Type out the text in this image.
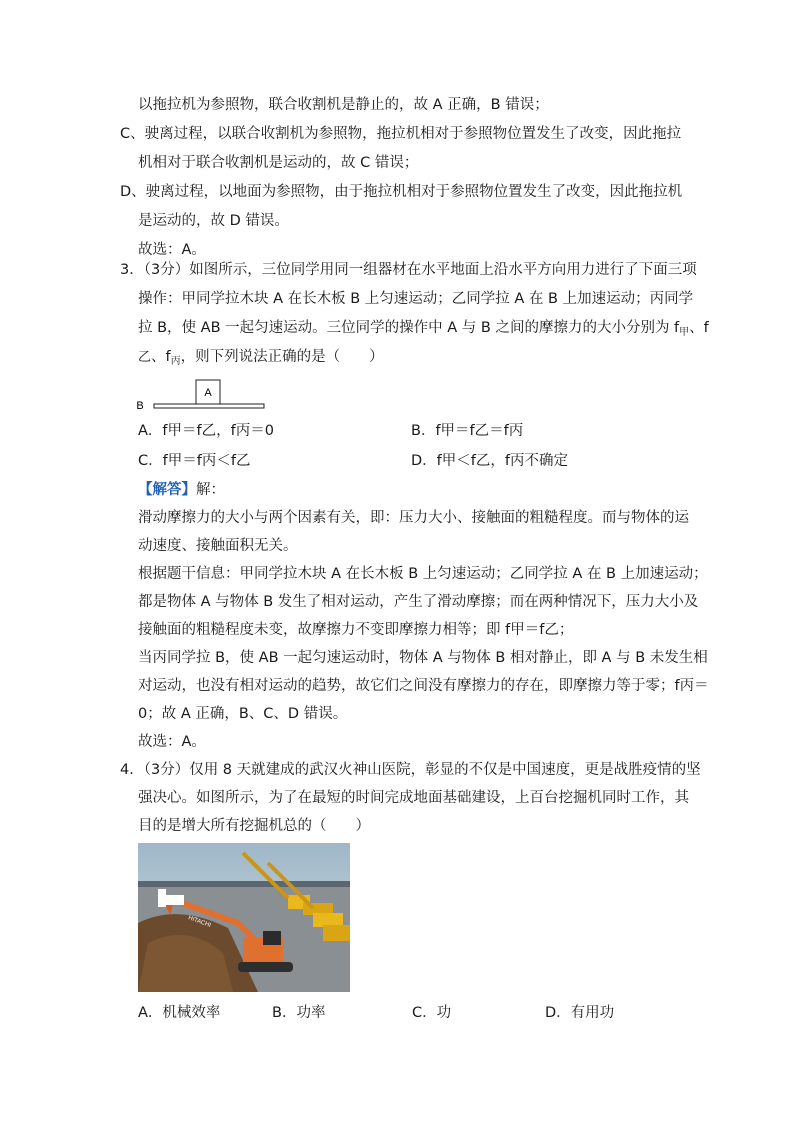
以拖拉机为参照物，联合收割机是静止的，故 A 正确，B 错误；
C、驶离过程，以联合收割机为参照物，拖拉机相对于参照物位置发生了改变，因此拖拉
机相对于联合收割机是运动的，故 C 错误；
D、驶离过程，以地面为参照物，由于拖拉机相对于参照物位置发生了改变，因此拖拉机
是运动的，故 D 错误。
故选：A。
3．（3分）如图所示，三位同学用同一组器材在水平地面上沿水平方向用力进行了下面三项
操作：甲同学拉木块 A 在长木板 B 上匀速运动；乙同学拉 A 在 B 上加速运动；丙同学
拉 B，使 AB 一起匀速运动。三位同学的操作中 A 与 B 之间的摩擦力的大小分别为 $f_甲$、f
乙、$f_丙$，则下列说法正确的是（　　）
A
B
A．f甲＝f乙，f丙＝0	B．f甲＝f乙＝f丙
C．f甲＝f丙＜f乙	D．f甲＜f乙，f丙不确定
【解答】解：
滑动摩擦力的大小与两个因素有关，即：压力大小、接触面的粗糙程度。而与物体的运
动速度、接触面积无关。
根据题干信息：甲同学拉木块 A 在长木板 B 上匀速运动；乙同学拉 A 在 B 上加速运动；
都是物体 A 与物体 B 发生了相对运动，产生了滑动摩擦；而在两种情况下，压力大小及
接触面的粗糙程度未变，故摩擦力不变即摩擦力相等；即 f甲＝f乙；
当丙同学拉 B，使 AB 一起匀速运动时，物体 A 与物体 B 相对静止，即 A 与 B 未发生相
对运动，也没有相对运动的趋势，故它们之间没有摩擦力的存在，即摩擦力等于零；f丙＝
0；故 A 正确，B、C、D 错误。
故选：A。
4．（3分）仅用 8 天就建成的武汉火神山医院，彰显的不仅是中国速度，更是战胜疫情的坚
强决心。如图所示，为了在最短的时间完成地面基础建设，上百台挖掘机同时工作，其
目的是增大所有挖掘机总的（　　）
HITACHI
A．机械效率	B．功率	C．功	D．有用功
